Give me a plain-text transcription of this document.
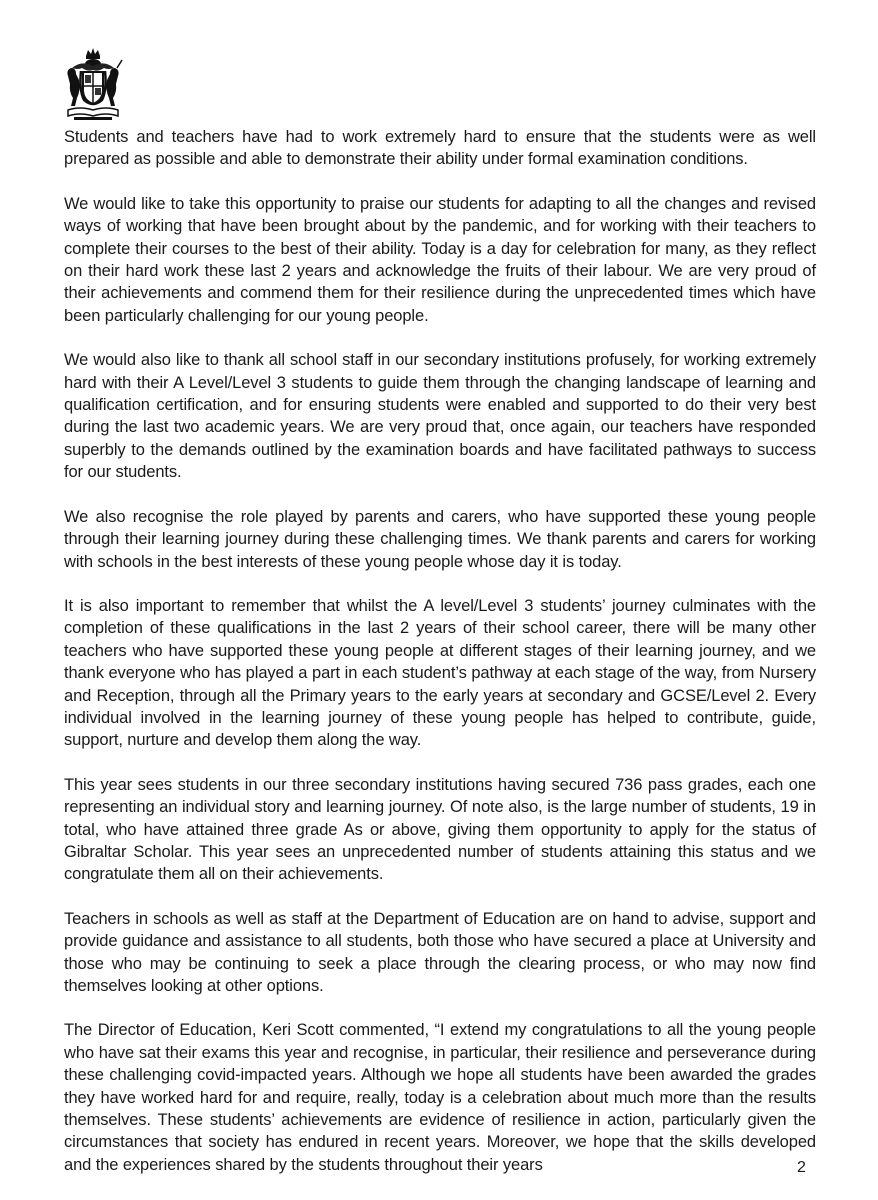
Students and teachers have had to work extremely hard to ensure that the students were as well prepared as possible and able to demonstrate their ability under formal examination conditions.

We would like to take this opportunity to praise our students for adapting to all the changes and revised ways of working that have been brought about by the pandemic, and for working with their teachers to complete their courses to the best of their ability. Today is a day for celebration for many, as they reflect on their hard work these last 2 years and acknowledge the fruits of their labour. We are very proud of their achievements and commend them for their resilience during the unprecedented times which have been particularly challenging for our young people.

We would also like to thank all school staff in our secondary institutions profusely, for working extremely hard with their A Level/Level 3 students to guide them through the changing landscape of learning and qualification certification, and for ensuring students were enabled and supported to do their very best during the last two academic years. We are very proud that, once again, our teachers have responded superbly to the demands outlined by the examination boards and have facilitated pathways to success for our students.

We also recognise the role played by parents and carers, who have supported these young people through their learning journey during these challenging times. We thank parents and carers for working with schools in the best interests of these young people whose day it is today.

It is also important to remember that whilst the A level/Level 3 students’ journey culminates with the completion of these qualifications in the last 2 years of their school career, there will be many other teachers who have supported these young people at different stages of their learning journey, and we thank everyone who has played a part in each student’s pathway at each stage of the way, from Nursery and Reception, through all the Primary years to the early years at secondary and GCSE/Level 2. Every individual involved in the learning journey of these young people has helped to contribute, guide, support, nurture and develop them along the way.

This year sees students in our three secondary institutions having secured 736 pass grades, each one representing an individual story and learning journey. Of note also, is the large number of students, 19 in total, who have attained three grade As or above, giving them opportunity to apply for the status of Gibraltar Scholar. This year sees an unprecedented number of students attaining this status and we congratulate them all on their achievements.

Teachers in schools as well as staff at the Department of Education are on hand to advise, support and provide guidance and assistance to all students, both those who have secured a place at University and those who may be continuing to seek a place through the clearing process, or who may now find themselves looking at other options.

The Director of Education, Keri Scott commented, “I extend my congratulations to all the young people who have sat their exams this year and recognise, in particular, their resilience and perseverance during these challenging covid-impacted years. Although we hope all students have been awarded the grades they have worked hard for and require, really, today is a celebration about much more than the results themselves. These students’ achievements are evidence of resilience in action, particularly given the circumstances that society has endured in recent years. Moreover, we hope that the skills developed and the experiences shared by the students throughout their years	2
